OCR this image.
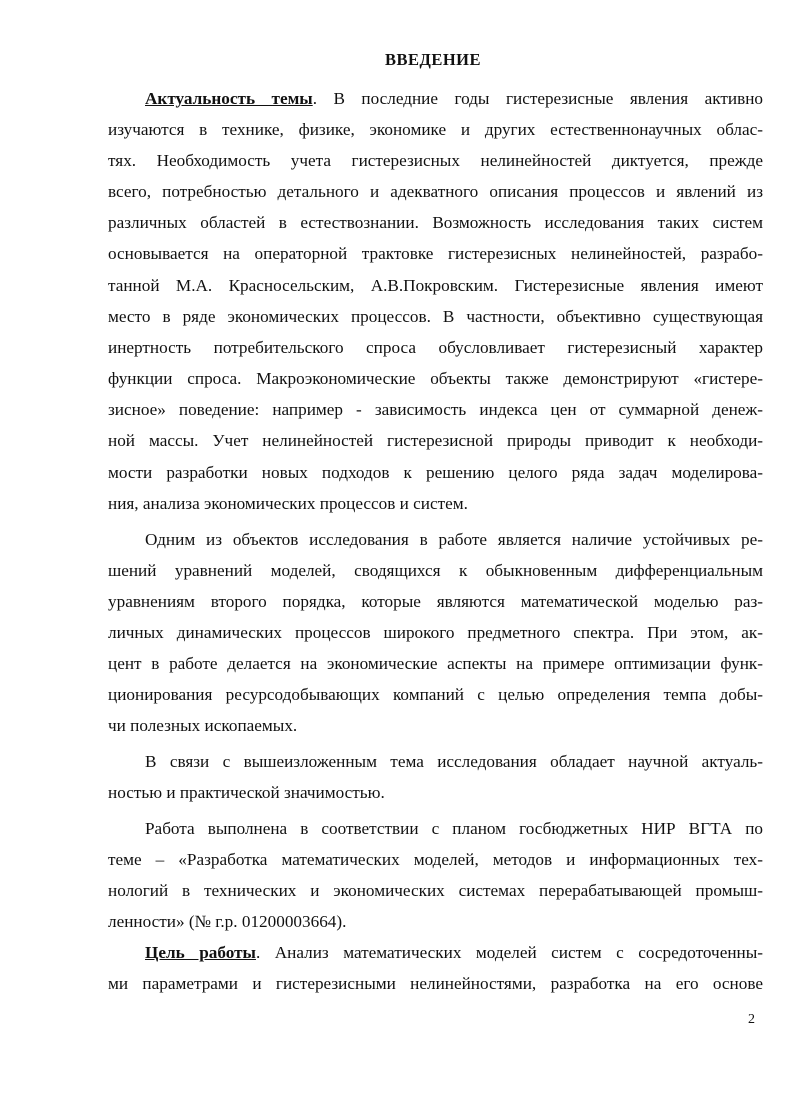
ВВЕДЕНИЕ
Актуальность темы. В последние годы гистерезисные явления активно
изучаются в технике, физике, экономике и других естественнонаучных облас-
тях. Необходимость учета гистерезисных нелинейностей диктуется, прежде
всего, потребностью детального и адекватного описания процессов и явлений из
различных областей в естествознании. Возможность исследования таких систем
основывается на операторной трактовке гистерезисных нелинейностей, разрабо-
танной М.А. Красносельским, А.В.Покровским. Гистерезисные явления имеют
место в ряде экономических процессов. В частности, объективно существующая
инертность потребительского спроса обусловливает гистерезисный характер
функции спроса. Макроэкономические объекты также демонстрируют «гистере-
зисное» поведение: например - зависимость индекса цен от суммарной денеж-
ной массы. Учет нелинейностей гистерезисной природы приводит к необходи-
мости разработки новых подходов к решению целого ряда задач моделирова-
ния, анализа экономических процессов и систем.
Одним из объектов исследования в работе является наличие устойчивых ре-
шений уравнений моделей, сводящихся к обыкновенным дифференциальным
уравнениям второго порядка, которые являются математической моделью раз-
личных динамических процессов широкого предметного спектра. При этом, ак-
цент в работе делается на экономические аспекты на примере оптимизации функ-
ционирования ресурсодобывающих компаний с целью определения темпа добы-
чи полезных ископаемых.
В связи с вышеизложенным тема исследования обладает научной актуаль-
ностью и практической значимостью.
Работа выполнена в соответствии с планом госбюджетных НИР ВГТА по
теме – «Разработка математических моделей, методов и информационных тех-
нологий в технических и экономических системах перерабатывающей промыш-
ленности» (№ г.р. 01200003664).
Цель работы. Анализ математических моделей систем с сосредоточенны-
ми параметрами и гистерезисными нелинейностями, разработка на его основе
2
